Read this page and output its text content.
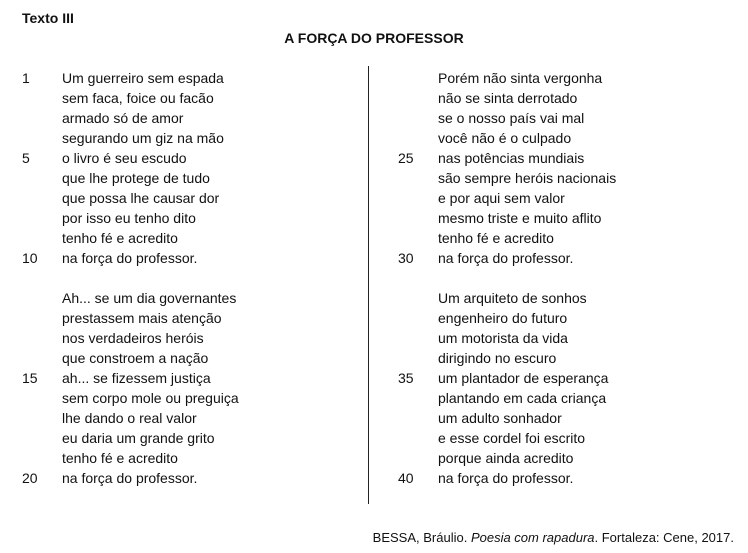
Texto III
A FORÇA DO PROFESSOR
1	Um guerreiro sem espada
sem faca, foice ou facão
armado só de amor
segurando um giz na mão
5	o livro é seu escudo
que lhe protege de tudo
que possa lhe causar dor
por isso eu tenho dito
tenho fé e acredito
10	na força do professor.
Ah... se um dia governantes
prestassem mais atenção
nos verdadeiros heróis
que constroem a nação
15	ah... se fizessem justiça
sem corpo mole ou preguiça
lhe dando o real valor
eu daria um grande grito
tenho fé e acredito
20	na força do professor.
Porém não sinta vergonha
não se sinta derrotado
se o nosso país vai mal
você não é o culpado
25	nas potências mundiais
são sempre heróis nacionais
e por aqui sem valor
mesmo triste e muito aflito
tenho fé e acredito
30	na força do professor.
Um arquiteto de sonhos
engenheiro do futuro
um motorista da vida
dirigindo no escuro
35	um plantador de esperança
plantando em cada criança
um adulto sonhador
e esse cordel foi escrito
porque ainda acredito
40	na força do professor.
BESSA, Bráulio. Poesia com rapadura. Fortaleza: Cene, 2017.
